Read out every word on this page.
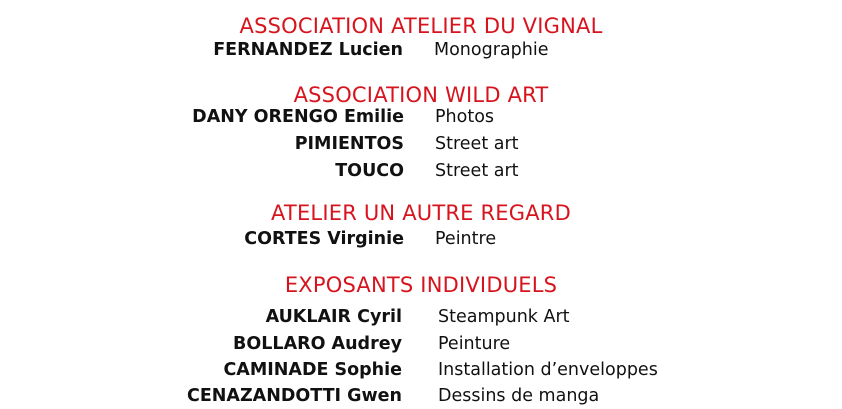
ASSOCIATION ATELIER DU VIGNAL
FERNANDEZ Lucien Monographie
ASSOCIATION WILD ART
DANY ORENGO Emilie Photos
PIMIENTOS Street art
TOUCO Street art
ATELIER UN AUTRE REGARD
CORTES Virginie Peintre
EXPOSANTS INDIVIDUELS
AUKLAIR Cyril Steampunk Art
BOLLARO Audrey Peinture
CAMINADE Sophie Installation d’enveloppes
CENAZANDOTTI Gwen Dessins de manga
